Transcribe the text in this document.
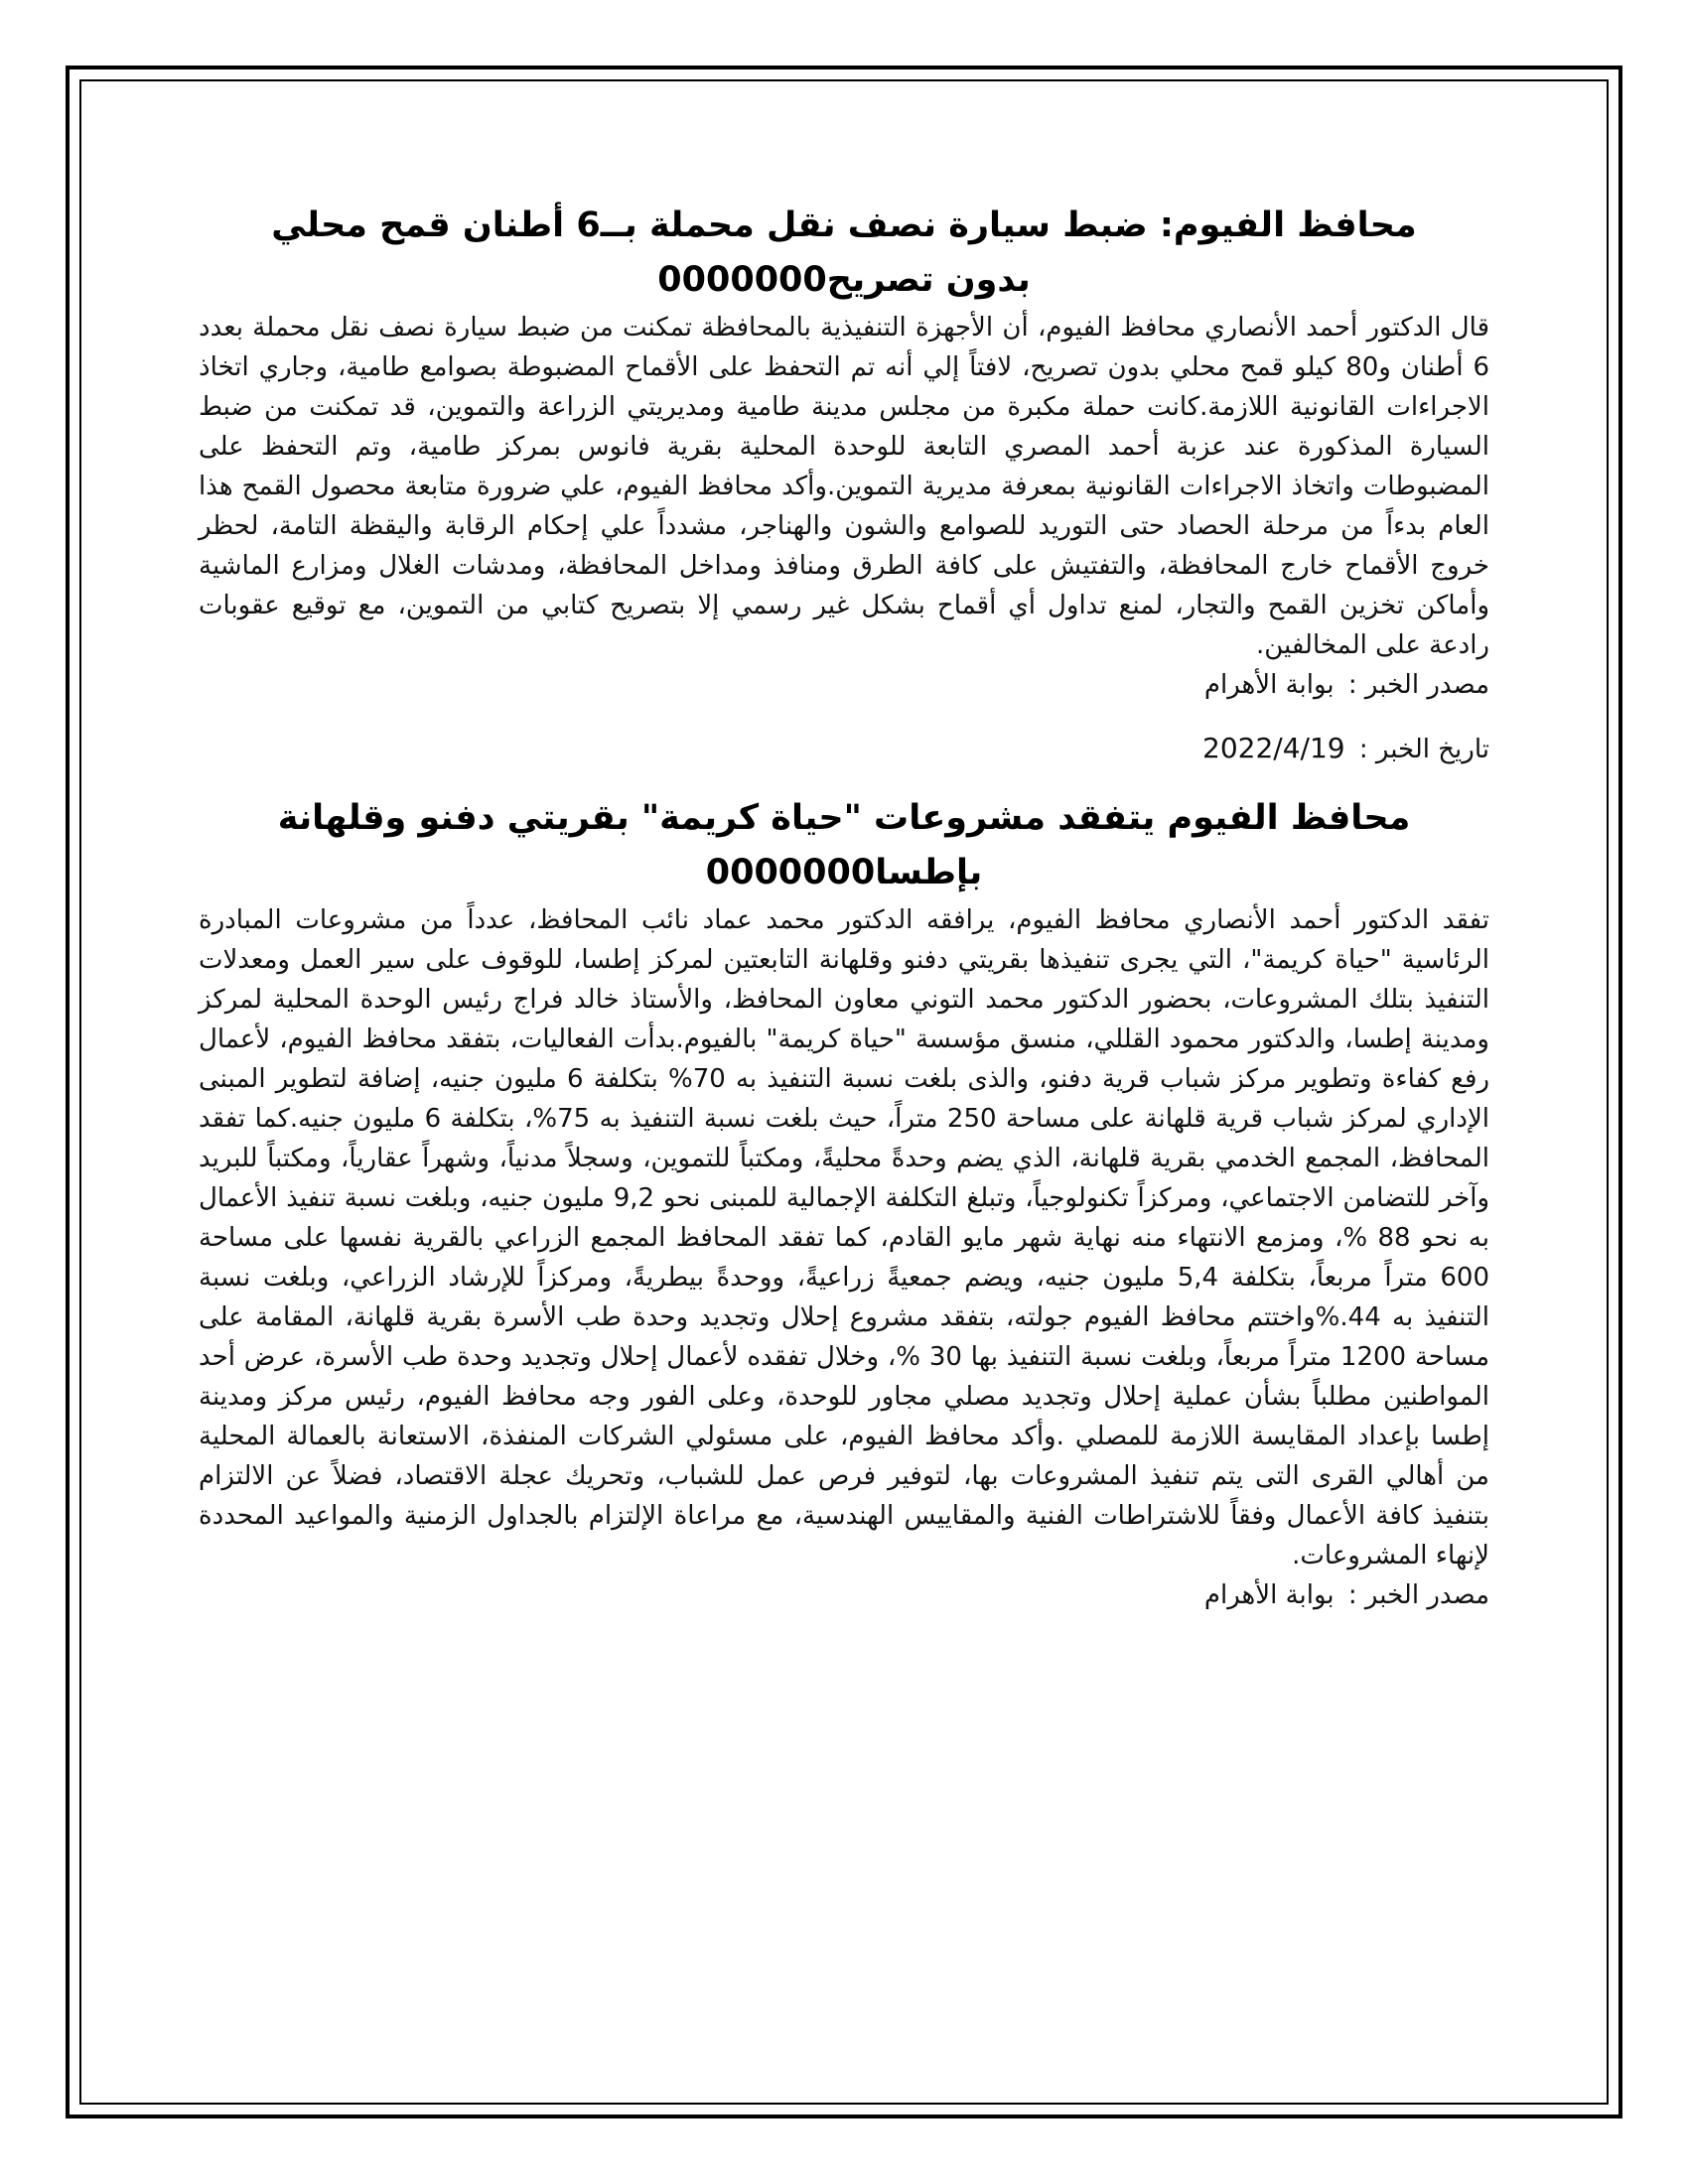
محافظ الفيوم: ضبط سيارة نصف نقل محملة بــ6 أطنان قمح محلي بدون تصريح0000000

قال الدكتور أحمد الأنصاري محافظ الفيوم، أن الأجهزة التنفيذية بالمحافظة تمكنت من ضبط سيارة نصف نقل محملة بعدد 6 أطنان و80 كيلو قمح محلي بدون تصريح، لافتاً إلي أنه تم التحفظ على الأقماح المضبوطة بصوامع طامية، وجاري اتخاذ الاجراءات القانونية اللازمة.كانت حملة مكبرة من مجلس مدينة طامية ومديريتي الزراعة والتموين، قد تمكنت من ضبط السيارة المذكورة عند عزبة أحمد المصري التابعة للوحدة المحلية بقرية فانوس بمركز طامية، وتم التحفظ على المضبوطات واتخاذ الاجراءات القانونية بمعرفة مديرية التموين.وأكد محافظ الفيوم، علي ضرورة متابعة محصول القمح هذا العام بدءاً من مرحلة الحصاد حتى التوريد للصوامع والشون والهناجر، مشدداً علي إحكام الرقابة واليقظة التامة، لحظر خروج الأقماح خارج المحافظة، والتفتيش على كافة الطرق ومنافذ ومداخل المحافظة، ومدشات الغلال ومزارع الماشية وأماكن تخزين القمح والتجار، لمنع تداول أي أقماح بشكل غير رسمي إلا بتصريح كتابي من التموين، مع توقيع عقوبات رادعة على المخالفين.

مصدر الخبر : بوابة الأهرام

تاريخ الخبر : 2022/4/19

محافظ الفيوم يتفقد مشروعات "حياة كريمة" بقريتي دفنو وقلهانة بإطسا0000000

تفقد الدكتور أحمد الأنصاري محافظ الفيوم، يرافقه الدكتور محمد عماد نائب المحافظ، عدداً من مشروعات المبادرة الرئاسية "حياة كريمة"، التي يجرى تنفيذها بقريتي دفنو وقلهانة التابعتين لمركز إطسا، للوقوف على سير العمل ومعدلات التنفيذ بتلك المشروعات، بحضور الدكتور محمد التوني معاون المحافظ، والأستاذ خالد فراج رئيس الوحدة المحلية لمركز ومدينة إطسا، والدكتور محمود القللي، منسق مؤسسة "حياة كريمة" بالفيوم.بدأت الفعاليات، بتفقد محافظ الفيوم، لأعمال رفع كفاءة وتطوير مركز شباب قرية دفنو، والذى بلغت نسبة التنفيذ به 70% بتكلفة 6 مليون جنيه، إضافة لتطوير المبنى الإداري لمركز شباب قرية قلهانة على مساحة 250 متراً، حيث بلغت نسبة التنفيذ به 75%، بتكلفة 6 مليون جنيه.كما تفقد المحافظ، المجمع الخدمي بقرية قلهانة، الذي يضم وحدةً محليةً، ومكتباً للتموين، وسجلاً مدنياً، وشهراً عقارياً، ومكتباً للبريد وآخر للتضامن الاجتماعي، ومركزاً تكنولوجياً، وتبلغ التكلفة الإجمالية للمبنى نحو 9,2 مليون جنيه، وبلغت نسبة تنفيذ الأعمال به نحو 88 %، ومزمع الانتهاء منه نهاية شهر مايو القادم، كما تفقد المحافظ المجمع الزراعي بالقرية نفسها على مساحة 600 متراً مربعاً، بتكلفة 5,4 مليون جنيه، ويضم جمعيةً زراعيةً، ووحدةً بيطريةً، ومركزاً للإرشاد الزراعي، وبلغت نسبة التنفيذ به 44.%واختتم محافظ الفيوم جولته، بتفقد مشروع إحلال وتجديد وحدة طب الأسرة بقرية قلهانة، المقامة على مساحة 1200 متراً مربعاً، وبلغت نسبة التنفيذ بها 30 %، وخلال تفقده لأعمال إحلال وتجديد وحدة طب الأسرة، عرض أحد المواطنين مطلباً بشأن عملية إحلال وتجديد مصلي مجاور للوحدة، وعلى الفور وجه محافظ الفيوم، رئيس مركز ومدينة إطسا بإعداد المقايسة اللازمة للمصلي .وأكد محافظ الفيوم، على مسئولي الشركات المنفذة، الاستعانة بالعمالة المحلية من أهالي القرى التى يتم تنفيذ المشروعات بها، لتوفير فرص عمل للشباب، وتحريك عجلة الاقتصاد، فضلاً عن الالتزام بتنفيذ كافة الأعمال وفقاً للاشتراطات الفنية والمقاييس الهندسية، مع مراعاة الإلتزام بالجداول الزمنية والمواعيد المحددة لإنهاء المشروعات.

مصدر الخبر : بوابة الأهرام
